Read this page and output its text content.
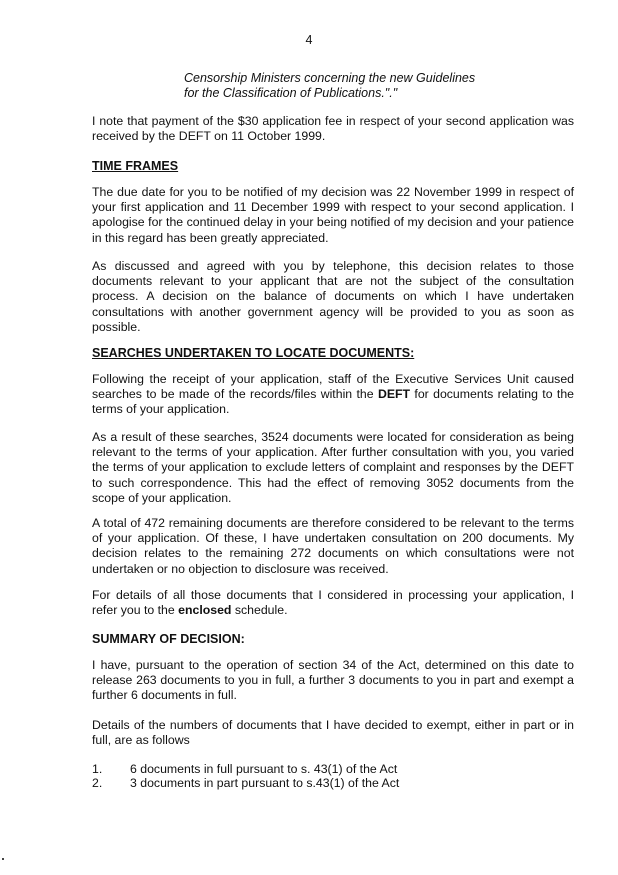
4
Censorship Ministers concerning the new Guidelines
for the Classification of Publications."."

I note that payment of the $30 application fee in respect of your second application was received by the DEFT on 11 October 1999.

TIME FRAMES

The due date for you to be notified of my decision was 22 November 1999 in respect of your first application and 11 December 1999 with respect to your second application. I apologise for the continued delay in your being notified of my decision and your patience in this regard has been greatly appreciated.

As discussed and agreed with you by telephone, this decision relates to those documents relevant to your applicant that are not the subject of the consultation process. A decision on the balance of documents on which I have undertaken consultations with another government agency will be provided to you as soon as possible.

SEARCHES UNDERTAKEN TO LOCATE DOCUMENTS:

Following the receipt of your application, staff of the Executive Services Unit caused searches to be made of the records/files within the DEFT for documents relating to the terms of your application.

As a result of these searches, 3524 documents were located for consideration as being relevant to the terms of your application. After further consultation with you, you varied the terms of your application to exclude letters of complaint and responses by the DEFT to such correspondence. This had the effect of removing 3052 documents from the scope of your application.

A total of 472 remaining documents are therefore considered to be relevant to the terms of your application. Of these, I have undertaken consultation on 200 documents. My decision relates to the remaining 272 documents on which consultations were not undertaken or no objection to disclosure was received.

For details of all those documents that I considered in processing your application, I refer you to the enclosed schedule.

SUMMARY OF DECISION:

I have, pursuant to the operation of section 34 of the Act, determined on this date to release 263 documents to you in full, a further 3 documents to you in part and exempt a further 6 documents in full.

Details of the numbers of documents that I have decided to exempt, either in part or in full, are as follows

1. 6 documents in full pursuant to s. 43(1) of the Act
2. 3 documents in part pursuant to s.43(1) of the Act
